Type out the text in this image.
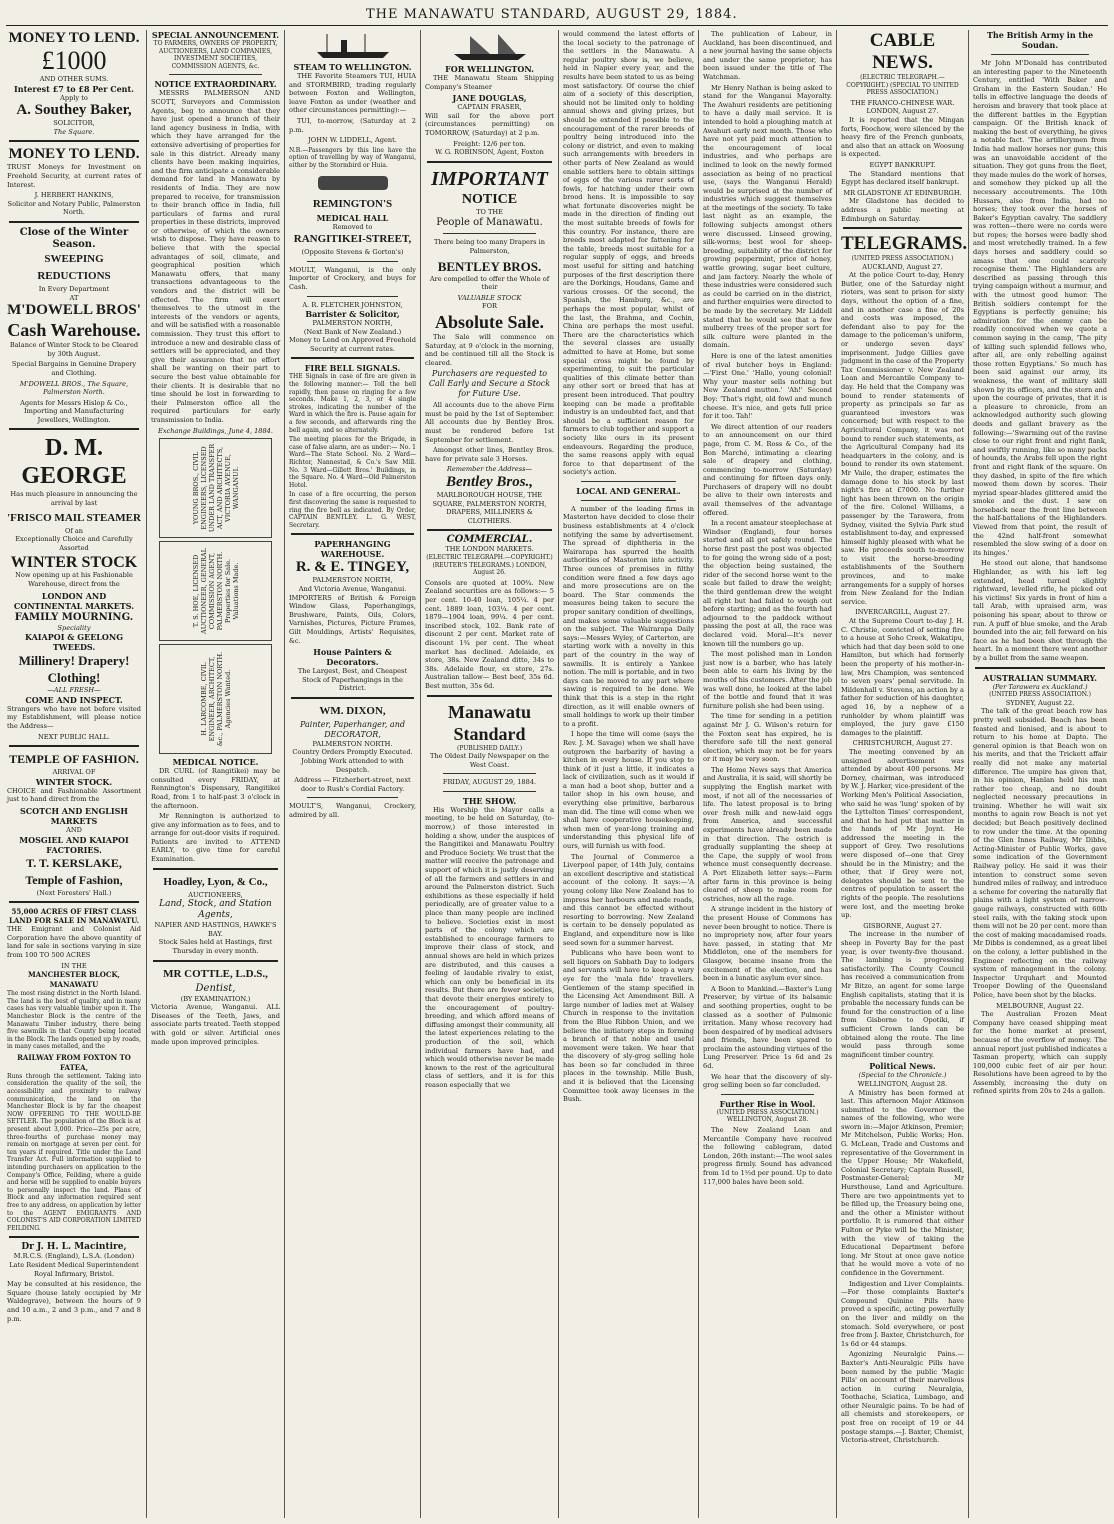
THE MANAWATU STANDARD, AUGUST 29, 1884.
MONEY TO LEND.
£1000
AND OTHER SUMS.
Interest £7 to £8 Per Cent.
Apply to
A. Southey Baker,
SOLICITOR,
The Square.
MONEY TO LEND.

TRUST Moneys for Investment on Freehold Security, at current rates of Interest.

J. HERBERT HANKINS,
Solicitor and Notary Public, Palmerston North.
Close of the Winter Season.
SWEEPING REDUCTIONS
In Every Department
AT
M'DOWELL BROS'
Cash Warehouse.

Balance of Winter Stock to be Cleared by 30th August.

Special Bargains in Genuine Drapery and Clothing.

M'DOWELL BROS., The Square, Palmerston North.

Agents for Messrs Hislop & Co., Importing and Manufacturing Jewellers, Wellington.

D. M. GEORGE

Has much pleasure in announcing the arrival by last

'FRISCO MAIL STEAMER
Of an

Exceptionally Choice and Carefully Assorted

WINTER STOCK

Now opening up at his Fashionable Warehouse, direct from the

LONDON AND CONTINENTAL MARKETS.
FAMILY MOURNING.
Speciality
KAIAPOI & GEELONG TWEEDS.
Millinery! Drapery! Clothing!
—ALL FRESH—
COME AND INSPECT.

Strangers who have not before visited my Establishment, will please notice the Address—

NEXT PUBLIC HALL.
TEMPLE OF FASHION.
ARRIVAL OF
WINTER STOCK.

CHOICE and Fashionable Assortment just to hand direct from the

SCOTCH AND ENGLISH MARKETS
AND
MOSGIEL AND KAIAPOI FACTORIES.
T. T. KERSLAKE,
Temple of Fashion,
(Next Foresters' Hall.)
55,000 ACRES OF FIRST CLASS LAND FOR SALE IN MANAWATU.

THE Emigrant and Colonist Aid Corporation have the above quantity of land for sale in sections varying in size from 100 TO 500 ACRES

IN THE
MANCHESTER BLOCK, MANAWATU

The most rising district in the North Island. The land is the best of quality, and in many cases has very valuable timber upon it. The Manchester Block is the centre of the Manawatu Timber industry, there being five sawmills in that County being located in the Block. The lands opened up by roads, in many cases metalled, and the

RAILWAY FROM FOXTON TO FATEA,

Runs through the settlement. Taking into consideration the quality of the soil, the accessibility and proximity to railway communication, the land on the Manchester Block is by far the cheapest NOW OFFERING TO THE WOULD-BE SETTLER. The population of the Block is at present about 3,000. Price—25s per acre, three-fourths of purchase money may remain on mortgage at seven per cent. for ten years if required. Title under the Land Transfer Act. Full information supplied to intending purchasers on application to the Company's Office, Feilding, where a guide and horse will be supplied to enable buyers to personally inspect the land. Plans of Block and any information required sent free to any address, on application by letter to the AGENT EMIGRANTS AND COLONIST'S AID CORPORATION LIMITED FEILDING.

Dr J. H. L. Macintire,
M.R.C.S. (England), L.S.A. (London)

Late Resident Medical Superintendent Royal Infirmary, Bristol.

May be consulted at his residence, the Square (house lately occupied by Mr Waldegrave), between the hours of 9 and 10 a.m., 2 and 3 p.m., and 7 and 8 p.m.

SPECIAL ANNOUNCEMENT.

TO FARMERS, OWNERS OF PROPERTY, AUCTIONEERS, LAND COMPANIES, INVESTMENT SOCIETIES, COMMISSION AGENTS, &c.

NOTICE EXTRAORDINARY.

MESSRS PALMERSON AND SCOTT, Surveyors and Commission Agents, beg to announce that they have just opened a branch of their land agency business in India, with which they have arranged for the extensive advertising of properties for sale in this district. Already many clients have been making inquiries, and the firm anticipate a considerable demand for land in Manawatu by residents of India. They are now prepared to receive, for transmission to their branch office in India, full particulars of farms and rural properties in these districts, improved or otherwise, of which the owners wish to dispose. They have reason to believe that with the special advantages of soil, climate, and geographical position which Manawatu offers, that many transactions advantageous to the vendors and the district will be effected. The firm will exert themselves to the utmost in the interests of the vendors or agents, and will be satisfied with a reasonable commission. They trust this effort to introduce a new and desirable class of settlers will be appreciated, and they give their assurance that no effort shall be wanting on their part to secure the best value obtainable for their clients. It is desirable that no time should be lost in forwarding to their Palmerston office all the required particulars for early transmission to India.

Exchange Buildings, June 4, 1884.

YOUNG BROS., CIVIL ENGINEERS, LICENSED UNDER LAND TRANSFER ACT, AND ARCHITECTS, VICTORIA AVENUE, WANGANUI.
T. S. HOE, LICENSED AUCTIONEER, GENERAL COMMISSION AGENT, PALMERSTON NORTH. Properties for Sale. Valuations Made.
H. LARCOMBE, CIVIL ENGINEER, ARCHITECT, &c., PALMERSTON NORTH. Agencies Wanted.
MEDICAL NOTICE.

DR CURL (of Rangitikei) may be consulted every FRIDAY, at Rennington's Dispensary, Rangitikei Road, from 1 to half-past 3 o'clock in the afternoon.

Mr Rennington is authorized to give any information as to fees, and to arrange for out-door visits if required. Patients are invited to ATTEND EARLY, to give time for careful Examination.

Hoadley, Lyon, & Co.,
AUCTIONEERS,
Land, Stock, and Station Agents,
NAPIER AND HASTINGS, HAWKE'S BAY.

Stock Sales held at Hastings, first Thursday in every month.

MR COTTLE, L.D.S.,
Dentist,
(BY EXAMINATION.)

Victoria Avenue, Wanganui. ALL Diseases of the Teeth, Jaws, and associate parts treated. Teeth stopped with gold or silver. Artificial ones made upon improved principles.

STEAM TO WELLINGTON.

THE Favorite Steamers TUI, HUIA and STORMBIRD, trading regularly between Foxton and Wellington, leave Foxton as under (weather and other circumstances permitting):—

TUI, to-morrow, (Saturday at 2 p.m.

JOHN W. LIDDELL, Agent.

N.B.—Passengers by this line have the option of travelling by way of Wanganui, either by the Stormbird or Huia.

REMINGTON'S
MEDICAL HALL
Removed to
RANGITIKEI-STREET,
(Opposite Stevens & Gorton's)

MOULT, Wanganui, is the only Importer of Crockery, and buys for Cash.

A. R. FLETCHER JOHNSTON,
Barrister & Solicitor,
PALMERSTON NORTH,
(Next Bank of New Zealand.)

Money to Lend on Approved Freehold Security at current rates.

FIRE BELL SIGNALS.

THE Signals in case of fire are given in the following manner:— Toll the bell rapidly, then pause on ringing for a few seconds. Make 1, 2, 3, or 4 single strokes, indicating the number of the Ward in which the fire is. Pause again for a few seconds, and afterwards ring the bell again, and so alternately.

The meeting places for the Brigade, in case of false alarm, are as under:— No. 1 Ward—The State School. No. 2 Ward—Richter, Nannestad, & Co.'s Saw Mill. No. 3 Ward—Gillett Bros.' Buildings, in the Square. No. 4 Ward—Old Palmerston Hotel.

In case of a fire occurring, the person first discovering the same is requested to ring the fire bell as indicated. By Order, CAPTAIN BENTLEY. L. G. WEST, Secretary.

PAPERHANGING WAREHOUSE.
R. & E. TINGEY,
PALMERSTON NORTH,
And Victoria Avenue, Wanganui.

IMPORTERS of British & Foreign Window Glass, Paperhangings, Brushware, Paints, Oils, Colors, Varnishes, Pictures, Picture Frames, Gilt Mouldings, Artists' Requisites, &c.

House Painters & Decorators.

The Largest, Best, and Cheapest Stock of Paperhangings in the District.

WM. DIXON,
Painter, Paperhanger, and DECORATOR,
PALMERSTON NORTH.

Country Orders Promptly Executed. Jobbing Work attended to with Despatch.

Address — Fitzherbert-street, next door to Rush's Cordial Factory.

MOULT'S, Wanganui, Crockery, admired by all.

FOR WELLINGTON.

THE Manawatu Steam Shipping Company's Steamer

JANE DOUGLAS,
CAPTAIN FRASER,

Will sail for the above port (circumstances permitting) on TOMORROW, (Saturday) at 2 p.m.

Freight: 12/6 per ton.

W. G. ROBINSON, Agent, Foxton

IMPORTANT
NOTICE
TO THE
People of Manawatu.

There being too many Drapers in Palmerston,

BENTLEY BROS.

Are compelled to offer the Whole of their

VALUABLE STOCK
FOR
Absolute Sale.

The Sale will commence on Saturday, at 9 o'clock in the morning, and be continued till all the Stock is cleared.

Purchasers are requested to Call Early and Secure a Stock for Future Use.

All accounts due to the above Firm must be paid by the 1st of September. All accounts due by Bentley Bros. must be rendered before 1st September for settlement.

Amongst other lines, Bentley Bros. have for private sale 3 Horses.

Remember the Address—
Bentley Bros.,

MARLBOROUGH HOUSE, THE SQUARE, PALMERSTON NORTH, DRAPERS, MILLINERS & CLOTHIERS.

COMMERCIAL.
THE LONDON MARKETS.

(ELECTRIC TELEGRAPH.—COPYRIGHT.) (REUTER'S TELEGRAMS.) LONDON, August 26.

Consols are quoted at 100¾. New Zealand securities are as follows:— 5 per cent. 10-40 loan, 105¼. 4 per cent. 1889 loan, 103¼. 4 per cent. 1879—1904 loan, 99¼. 4 per cent. inscribed stock, 102. Bank rate of discount 2 per cent. Market rate of discount 1¾ per cent. The wheat market has declined. Adelaide, ex store, 38s. New Zealand ditto, 34s to 38s. Adelaide flour, ex store, 27s. Australian tallow— Best beef, 35s 6d. Best mutton, 35s 6d.

Manawatu Standard
(PUBLISHED DAILY.)

The Oldest Daily Newspaper on the West Coast.

FRIDAY, AUGUST 29, 1884.
THE SHOW.

His Worship the Mayor calls a meeting, to be held on Saturday, (to-morrow,) of those interested in holding a show, under the auspices of the Rangitikei and Manawatu Poultry and Produce Society. We trust that the matter will receive the patronage and support of which it is justly deserving of all the farmers and settlers in and around the Palmerston district. Such exhibitions as these especially if held periodically, are of greater value to a place than many people are inclined to believe. Societies exist in most parts of the colony which are established to encourage farmers to improve their class of stock, and annual shows are held in which prizes are distributed, and this causes a feeling of laudable rivalry to exist, which can only be beneficial in its results. But there are fewer societies, that devote their energies entirely to the encouragement of poultry-breeding, and which afford means of diffusing amongst their community, all the latest experiences relating to the production of the soil, which individual farmers have had, and which would otherwise never be made known to the rest of the agricultural class of settlers, and it is for this reason especially that we

would commend the latest efforts of the local society to the patronage of the settlers in the Manawatu. A regular poultry show is, we believe, held in Napier every year, and the results have been stated to us as being most satisfactory. Of course the chief aim of a society of this description, should not be limited only to holding annual shows and giving prizes, but should be extended if possible to the encouragement of the rarer breeds of poultry being introduced into the colony or district, and even to making such arrangements with breeders in other parts of New Zealand as would enable settlers here to obtain sittings of eggs of the various rarer sorts of fowls, for hatching under their own brood hens. It is impossible to say what fortunate discoveries might be made in the direction of finding out the most suitable breeds of fowls for this country. For instance, there are breeds most adapted for fattening for the table, breeds most suitable for a regular supply of eggs, and breeds most useful for sitting and hatching purposes of the first description there are the Dorkings, Houdans, Game and various crosses. Of the second, the Spanish, the Hamburg, &c., are perhaps the most popular, whilst of the last, the Brahma, and Cochin, China are perhaps the most useful. There are the characteristics which the several classes are usually admitted to have at Home, but some special cross might be found by experimenting, to suit the particular qualities of this climate better than any other sort or breed that has at present been introduced. That poultry keeping can be made a profitable industry is an undoubted fact, and that should be a sufficient reason for farmers to club together and support a society like ours in its present endeavours. Regarding the produce, the same reasons apply with equal force to that department of the society's action.

LOCAL AND GENERAL.

A number of the leading firms in Masterton have decided to close their business establishments at 4 o'clock notifying the same by advertisement. The spread of diphtheria in the Wairarapa has spurred the health authorities of Masterton into activity. Three ounces of premises in filthy condition were fined a few days ago and more prosecutions are on the board. The Star commends the measures being taken to secure the proper sanitary condition of dwellings, and makes some valuable suggestions on the subject. The Wairarapa Daily says:—Messrs Wyley, of Carterton, are starting work with a novelty in this part of the country in the way of sawmills. It is entirely a Yankee notion. The mill is portable, and in two days can be moved to any part where sawing is required to be done. We think that this is a step in the right direction, as it will enable owners of small holdings to work up their timber to a profit.

I hope the time will come (says the Rev. J. M. Savage) when we shall have outgrown the barbarity of having a kitchen in every house. If you stop to think of it just a little, it indicates a lack of civilization, such as it would if a man had a boot shop, butter and a tailor shop in his own house, and everything else primitive, barbarous man did. The time will come when we shall have cooperative housekeeping, when men of year-long training and understanding this physical life of ours, will furnish us with food.

The Journal of Commerce a Liverpool paper, of 14th July, contains an excellent descriptive and statistical account of the colony. It says:—'A young colony like New Zealand has to impress her harbours and made roads, and this cannot be effected without resorting to borrowing. New Zealand is certain to be densely populated as England, and expenditure now is like seed sown for a summer harvest.

Publicans who have been wont to sell liquors on Sabbath Day to lodgers and servants will have to keep a wary eye for the 'mala fide' travellers. Gentlemen of the stamp specified in the Licensing Act Amendment Bill. A large number of ladies met at Walsey Church in response to the invitation from the Blue Ribbon Union, and we believe the initiatory steps in forming a branch of that noble and useful movement were taken. We hear that the discovery of sly-grog selling hole has been so far concluded in three places in the township. Mille Bush, and it is believed that the Licensing Committee took away licenses in the Bush.

The publication of Labour, in Auckland, has been discontinued, and a new journal having the same objects and under the same proprietor, has been issued under the title of The Watchman.

Mr Henry Nathan is being asked to stand for the Wanganui Mayoralty. The Awahuri residents are petitioning to have a daily mail service. It is intended to hold a ploughing match at Awahuri early next month. Those who have not yet paid much attention to the encouragement of local industries, and who perhaps are inclined to look on the newly formed association as being of no practical use, (says the Wanganui Herald) would be surprised at the number of industries which suggest themselves at the meetings of the society. To take last night as an example, the following subjects amongst others were discussed. Linseed growing, silk-worms; best wool for sheep-breeding, suitability of the district for growing peppermint, price of honey, wattle growing, sugar beet culture, and jam factory. Nearly the whole of these industries were considered such as could be carried on in the district, and further enquiries were directed to be made by the secretary. Mr Liddell stated that he would see that a few mulberry trees of the proper sort for silk culture were planted in the domain.

Here is one of the latest amenities of rival butcher boys in England:—'First One.' 'Hallo, young colonial! Why your master sells nothing but New Zealand mutton.' 'Ah!' Second Boy: 'That's right, old fowl and munch cheese. It's nice, and gets full price for it too. Tah!'

We direct attention of our readers to an announcement on our third page, from C. M. Ross & Co., of the Bon Marché, intimating a clearing sale of drapery and clothing, commencing to-morrow (Saturday) and continuing for fifteen days only. Purchasers of drapery will no doubt be alive to their own interests and avail themselves of the advantage offered.

In a recent amateur steeplechase at Windsor (England), four horses started and all got safely round. The horse first past the post was objected to for going the wrong side of a post; the objection being sustained, the rider of the second horse went to the scale but failed to draw the weight; the third gentleman drew the weight all right but had failed to weigh out before starting; and as the fourth had adjourned to the paddock without passing the post at all, the race was declared void. Moral—It's never known till the numbers go up.

The most polished man in London just now is a barber, who has lately been able to earn his living by the mouths of his customers. After the job was well done, he looked at the label of the bottle and found that it was furniture polish she had been using.

The time for sending in a petition against Mr J. G. Wilson's return for the Foxton seat has expired, he is therefore safe till the next general election, which may not be for years or it may be very soon.

The Home News says that America and Australia, it is said, will shortly be supplying the English market with most, if not all of the necessaries of life. The latest proposal is to bring over fresh milk and new-laid eggs from America, and successful experiments have already been made in that direction. The ostrich is gradually supplanting the sheep at the Cape, the supply of wool from whence must consequently decrease. A Port Elizabeth letter says:—Farm after farm in this province is being cleared of sheep to make room for ostriches, now all the rage.

A strange incident in the history of the present House of Commons has never been brought to notice. There is no impropriety now, after four years have passed, in stating that Mr Middleton, one of the members for Glasgow, became insane from the excitement of the election, and has been in a lunatic asylum ever since.

A Boon to Mankind.—Baxter's Lung Preserver, by virtue of its balsamic and soothing properties, ought to be classed as a soother of Pulmonic irritation. Many whose recovery had been despaired of by medical advisers and friends, have been spared to proclaim the astounding virtues of the Lung Preserver. Price 1s 6d and 2s 6d.

We hear that the discovery of sly-grog selling been so far concluded.

Further Rise in Wool.

(UNITED PRESS ASSOCIATION.) WELLINGTON, August 28.

The New Zealand Loan and Mercantile Company have received the following cablegram, dated London, 26th instant:—The wool sales progress firmly. Sound has advanced from 1d to 1½d per pound. Up to date 117,000 bales have been sold.

CABLE NEWS.

(ELECTRIC TELEGRAPH.—COPYRIGHT.) (SPECIAL TO UNITED PRESS ASSOCIATION.)

THE FRANCO-CHINESE WAR.
LONDON, August 27.

It is reported that the Mingan forts, Foochow, were silenced by the heavy fire of the French gunboats, and also that an attack on Woosung is expected.

EGYPT BANKRUPT.

The Standard mentions that Egypt has declared itself bankrupt.

MR GLADSTONE AT EDINBURGH.

Mr Gladstone has decided to address a public meeting at Edinburgh on Saturday.

TELEGRAMS.
(UNITED PRESS ASSOCIATION.)
AUCKLAND, August 27.

At the police Court to-day, Henry Butler, one of the Saturday night rioters, was sent to prison for sixty days, without the option of a fine, and in another case a fine of 20s and costs was imposed, the defendant also to pay for the damage to the policeman's uniform, or undergo seven days' imprisonment. Judge Gillies gave judgment in the case of the Property Tax Commissioner v. New Zealand Loan and Mercantile Company to-day. He held that the Company was bound to render statements of property as principals so far as guaranteed investors was concerned; but with respect to the Agricultural Company, it was not bound to render such statements, as the Agricultural Company had its headquarters in the colony, and is bound to render its own statement. Mr Vaile, the draper, estimates the damage done to his stock by last night's fire at £7000. No further light has been thrown on the origin of the fire. Colonel Williams, a passenger by the Tarawera, from Sydney, visited the Sylvia Park stud establishment to-day, and expressed himself highly pleased with what he saw. He proceeds south to-morrow to visit the horse-breeding establishments of the Southern provinces, and to make arrangements for a supply of horses from New Zealand for the Indian service.

INVERCARGILL, August 27.

At the Supreme Court to-day J. H. C. Christie, convicted of setting fire to a house at Soho Creek, Wakatipu, which had that day been sold to one Hamilton, but which had formerly been the property of his mother-in-law, Mrs Champion, was sentenced to seven years' penal servitude. In Mildenhall v. Stevens, an action by a father for seduction of his daughter, aged 16, by a nephew of a runholder by whom plaintiff was employed, the jury gave £150 damages to the plaintiff.

CHRISTCHURCH, August 27.

The meeting convened by an unsigned advertisement was attended by about 400 persons. Mr Dorney, chairman, was introduced by W. J. Harker, vice-president of the Working Men's Political Association, who said he was 'lung' spoken of by the Lyttelton Times' correspondent, and that he had put that matter in the hands of Mr Joynt. He addressed the meeting in the support of Grey. Two resolutions were disposed of—one that Grey should be in the Ministry; and the other, that if Grey were not, delegates should be sent to the centres of population to assert the rights of the people. The resolutions were lost, and the meeting broke up.

GISBORNE, August 27.

The increase in the number of sheep in Poverty Bay for the past year, is over twenty-five thousand. The lambing is progressing satisfactorily. The County Council has received a communication from Mr Bitzo, an agent for some large English capitalists, stating that it is probable the necessary funds can be found for the construction of a line from Gisborne to Opotiki, if sufficient Crown lands can be obtained along the route. The line would pass through some magnificent timber country.

Political News.
(Special to the Chronicle.)
WELLINGTON, August 28.

A Ministry has been formed at last. This afternoon Major Atkinson submitted to the Governor the names of the following, who were sworn in:—Major Atkinson, Premier; Mr Mitchelson, Public Works; Hon. G. McLean, Trade and Customs and representative of the Government in the Upper House; Mr Wakefield, Colonial Secretary; Captain Russell, Postmaster-General; Mr Hursthouse, Land and Agriculture. There are two appointments yet to be filled up, the Treasury being one, and the other a Minister without portfolio. It is rumored that either Fulton or Pyke will be the Minister, with the view of taking the Educational Department before long. Mr Stout at once gave notice that he would move a vote of no confidence in the Government.

Indigestion and Liver Complaints.—For those complaints Baxter's Compound Quinine Pills have proved a specific, acting powerfully on the liver and mildly on the stomach. Sold everywhere, or post free from J. Baxter, Christchurch, for 1s 6d or 44 stamps.

Agonizing Neuralgic Pains.—Baxter's Anti-Neuralgic Pills have been named by the public 'Magic Pills' on account of their marvellous action in curing Neuralgia, Toothache, Sciatica, Lumbago, and other Neuralgic pains. To be had of all chemists and storekeepers, or post free on receipt of 19 or 44 postage stamps.—J. Baxter, Chemist, Victoria-street, Christchurch.

The British Army in the Soudan.

Mr John M'Donald has contributed an interesting paper to the Nineteenth Century, entitled 'With Baker and Graham in the Eastern Soudan.' He tells in effective language the deeds of heroism and bravery that took place at the different battles in the Egyptian campaign. Of the British knack of making the best of everything, he gives a notable fact. 'The artillerymen from India had mallow horses nor guns; this was an unavoidable accident of the situation. They got guns from the fleet, they made mules do the work of horses, and somehow they picked up all the necessary accoutrements. The 10th Hussars, also from India, had no horses; they took over the horses of Baker's Egyptian cavalry. The saddlery was rotten—there were no cords were but ropes; the horses were badly shod and most wretchedly trained. In a few days horses and saddlery could so amass that one could scarcely recognise them.' The Highlanders are described as passing through this trying campaign without a murmur, and with the utmost good humor. The British soldiers contempt for the Egyptians is perfectly genuine; his admiration for the enemy can be readily conceived when we quote a common saying in the camp, 'The pity of killing such splendid fellows who, after all, are only rebelling against those rotten Egyptians.' So much has been said against our army, its weakness, the want of military skill shown by its officers, and the stern and upon the courage of privates, that it is a pleasure to chronicle, from an acknowledged authority such glowing deeds and gallant bravery as the following:—'Swarming out of the ravine close to our right front and right flank, and swiftly running, like so many packs of hounds, the Arabs fell upon the right front and right flank of the square. On they dashed, in spite of the fire which mowed them down by scores. Their myriad spear-blades glittered amid the smoke and the dust. I saw on horseback near the front line between the half-battalions of the Highlanders. Viewed from that point, the result of the 42nd half-front somewhat resembled the slow swing of a door on its hinges.'

He stood out alone, that handsome Highlander, as with his left leg extended, head turned slightly rightward, levelled rifle, he picked out his victims! Six yards in front of him a tall Arab, with upraised arm, was poisoning his spear, about to throw or run. A puff of blue smoke, and the Arab bounded into the air, fell forward on his face as he had been shot through the heart. In a moment there went another by a bullet from the same weapon.

AUSTRALIAN SUMMARY.
(Per Tarawera ex Auckland.)
(UNITED PRESS ASSOCIATION.)
SYDNEY, August 22.

The talk of the great beach row has pretty well subsided. Beach has been feasted and lionised, and is about to return to his home at Dapto. The general opinion is that Beach won on his merits, and that the Trickett affair really did not make any material difference. The umpire has given that, in his opinion, Hanlan held his man rather too cheap, and no doubt neglected necessary precautions in training. Whether he will wait six months to again row Beach is not yet decided; but Beach positively declined to row under the time. At the opening of the Glen Innes Railway, Mr Dibbs, Acting-Minister of Public Works, gave some indication of the Government Railway policy. He said it was their intention to construct some seven hundred miles of railway, and introduce a scheme for covering the naturally flat plains with a light system of narrow-gauge railways, constructed with 60lb steel rails, with the taking stock upon them will not be 20 per cent. more than the cost of making macadamised roads. Mr Dibbs is condemned, as a great libel on the colony, a letter published in the Engineer reflecting on the railway system of management in the colony. Inspector Urquhart and Mounted Trooper Dowling of the Queensland Police, have been shot by the blacks.

MELBOURNE, August 22.

The Australian Frozen Meat Company have ceased shipping meat for the home market at present, because of the overflow of money. The annual report just published indicates a Tasman property, which can supply 100,000 cubic feet of air per hour. Resolutions have been agreed to by the Assembly, increasing the duty on refined spirits from 20s to 24s a gallon.
